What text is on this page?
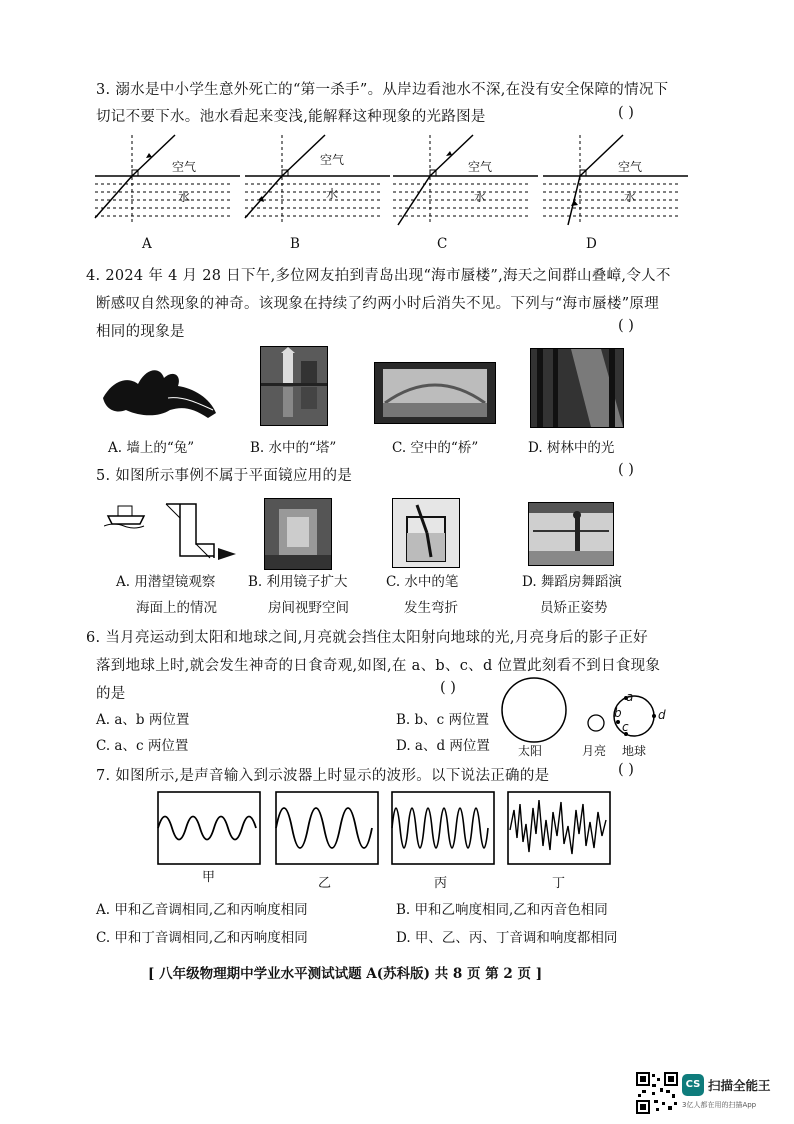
3. 溺水是中小学生意外死亡的“第一杀手”。从岸边看池水不深,在没有安全保障的情况下
切记不要下水。池水看起来变浅,能解释这种现象的光路图是	( )
空气
水
空气
水
空气
水
空气
水
A	B	C	D
4. 2024 年 4 月 28 日下午,多位网友拍到青岛出现“海市蜃楼”,海天之间群山叠嶂,令人不
断感叹自然现象的神奇。该现象在持续了约两小时后消失不见。下列与“海市蜃楼”原理
相同的现象是	( )
A. 墙上的“兔”	B. 水中的“塔”	C. 空中的“桥”	D. 树林中的光
5. 如图所示事例不属于平面镜应用的是	( )
A. 用潜望镜观察
海面上的情况
B. 利用镜子扩大
房间视野空间
C. 水中的笔
发生弯折
D. 舞蹈房舞蹈演
员矫正姿势
6. 当月亮运动到太阳和地球之间,月亮就会挡住太阳射向地球的光,月亮身后的影子正好
落到地球上时,就会发生神奇的日食奇观,如图,在 a、b、c、d 位置此刻看不到日食现象
的是	( )
A. a、b 两位置	B. b、c 两位置
C. a、c 两位置	D. a、d 两位置
a
b
c
d
太阳	月亮 地球
7. 如图所示,是声音输入到示波器上时显示的波形。以下说法正确的是	( )
甲	乙	丙	丁
A. 甲和乙音调相同,乙和丙响度相同	B. 甲和乙响度相同,乙和丙音色相同
C. 甲和丁音调相同,乙和丙响度相同	D. 甲、乙、丙、丁音调和响度都相同
[ 八年级物理期中学业水平测试试题 A(苏科版) 共 8 页 第 2 页 ]
CS 扫描全能王
3亿人都在用的扫描App
